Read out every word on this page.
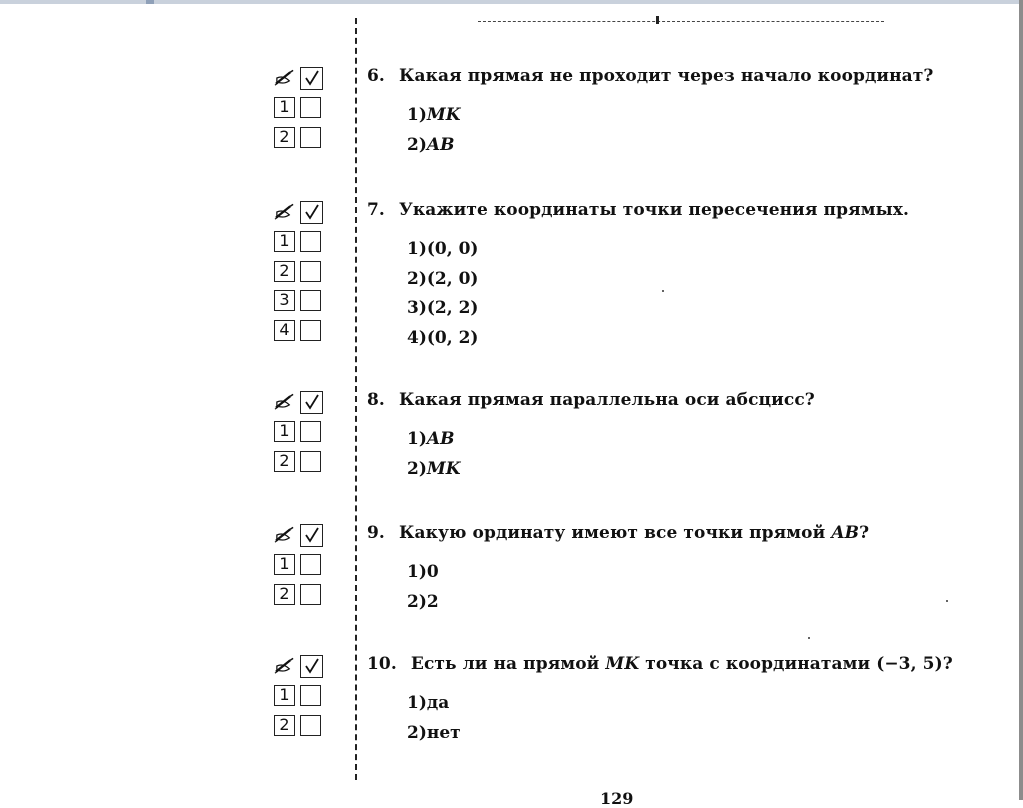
1
2
6. Какая прямая не проходит через начало координат?
1)MK
2)AB
1
2
3
4
7. Укажите координаты точки пересечения прямых.
1)(0, 0)
2)(2, 0)
3)(2, 2)
4)(0, 2)
1
2
8. Какая прямая параллельна оси абсцисс?
1)AB
2)MK
1
2
9. Какую ординату имеют все точки прямой AB?
1)0
2)2
1
2
10. Есть ли на прямой MK точка с координатами (−3, 5)?
1)да
2)нет
129
